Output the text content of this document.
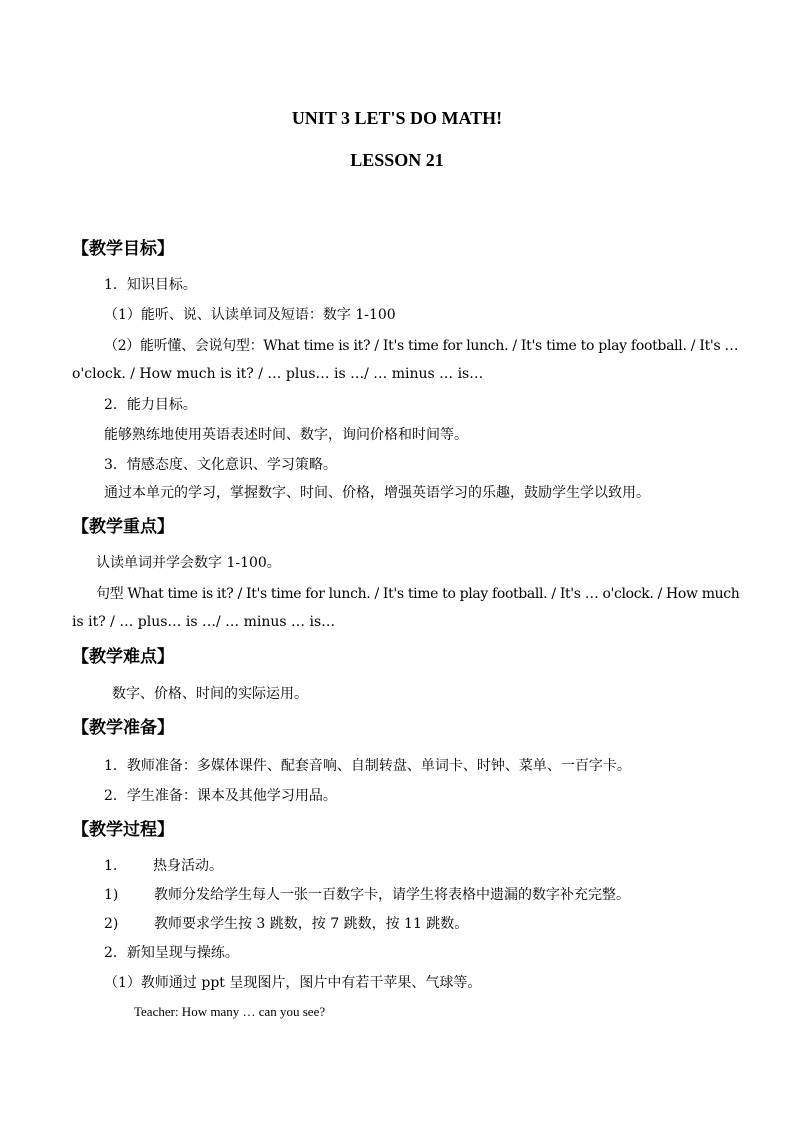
UNIT 3 LET'S DO MATH!
LESSON 21
【教学目标】
1．知识目标。
（1）能听、说、认读单词及短语：数字 1-100
（2）能听懂、会说句型：What time is it? / It's time for lunch. / It's time to play football. / It's …
o'clock. / How much is it? / … plus… is …/ … minus … is…
2．能力目标。
能够熟练地使用英语表述时间、数字，询问价格和时间等。
3．情感态度、文化意识、学习策略。
通过本单元的学习，掌握数字、时间、价格，增强英语学习的乐趣，鼓励学生学以致用。
【教学重点】
认读单词并学会数字 1-100。
句型 What time is it? / It's time for lunch. / It's time to play football. / It's … o'clock. / How much
is it? / … plus… is …/ … minus … is…
【教学难点】
数字、价格、时间的实际运用。
【教学准备】
1．教师准备：多媒体课件、配套音响、自制转盘、单词卡、时钟、菜单、一百字卡。
2．学生准备：课本及其他学习用品。
【教学过程】
1.        热身活动。
1)        教师分发给学生每人一张一百数字卡，请学生将表格中遗漏的数字补充完整。
2)        教师要求学生按 3 跳数，按 7 跳数，按 11 跳数。
2．新知呈现与操练。
（1）教师通过 ppt 呈现图片，图片中有若干苹果、气球等。
Teacher: How many … can you see?
